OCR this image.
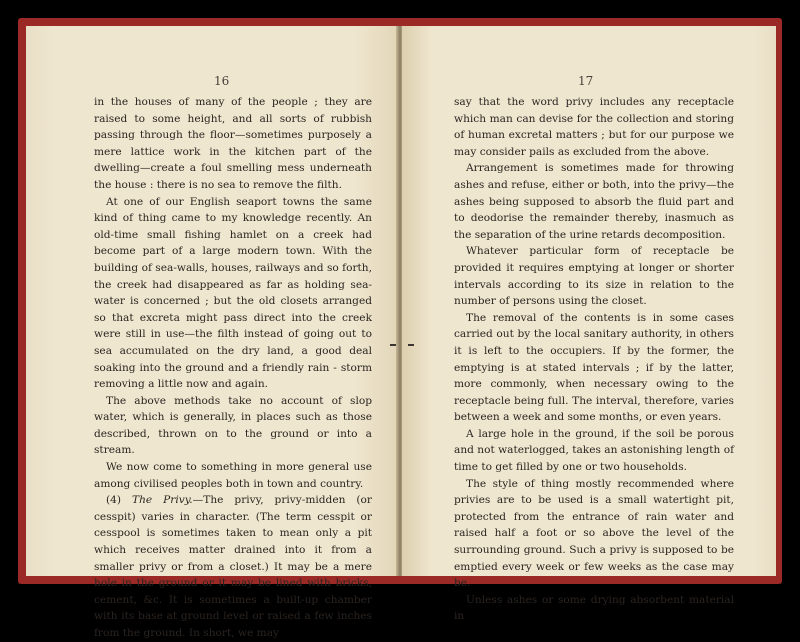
16

in the houses of many of the people ; they are raised to some height, and all sorts of rubbish passing through the floor—sometimes purposely a mere lattice work in the kitchen part of the dwelling—create a foul smelling mess underneath the house : there is no sea to remove the filth.

At one of our English seaport towns the same kind of thing came to my knowledge recently. An old-time small fishing hamlet on a creek had become part of a large modern town. With the building of sea-walls, houses, railways and so forth, the creek had disappeared as far as holding sea-water is concerned ; but the old closets arranged so that excreta might pass direct into the creek were still in use—the filth instead of going out to sea accumulated on the dry land, a good deal soaking into the ground and a friendly rain - storm removing a little now and again.

The above methods take no account of slop water, which is generally, in places such as those described, thrown on to the ground or into a stream.

We now come to something in more general use among civilised peoples both in town and country.

(4) The Privy.—The privy, privy-midden (or cesspit) varies in character. (The term cesspit or cesspool is sometimes taken to mean only a pit which receives matter drained into it from a smaller privy or from a closet.) It may be a mere hole in the ground or it may be lined with bricks, cement, &c. It is sometimes a built-up chamber with its base at ground level or raised a few inches from the ground. In short, we may

17

say that the word privy includes any receptacle which man can devise for the collection and storing of human excretal matters ; but for our purpose we may consider pails as excluded from the above.

Arrangement is sometimes made for throwing ashes and refuse, either or both, into the privy—the ashes being supposed to absorb the fluid part and to deodorise the remainder thereby, inasmuch as the separation of the urine retards decomposition.

Whatever particular form of receptacle be provided it requires emptying at longer or shorter intervals according to its size in relation to the number of persons using the closet.

The removal of the contents is in some cases carried out by the local sanitary authority, in others it is left to the occupiers. If by the former, the emptying is at stated intervals ; if by the latter, more commonly, when necessary owing to the receptacle being full. The interval, therefore, varies between a week and some months, or even years.

A large hole in the ground, if the soil be porous and not waterlogged, takes an astonishing length of time to get filled by one or two households.

The style of thing mostly recommended where privies are to be used is a small watertight pit, protected from the entrance of rain water and raised half a foot or so above the level of the surrounding ground. Such a privy is supposed to be emptied every week or few weeks as the case may be.

Unless ashes or some drying absorbent material in
